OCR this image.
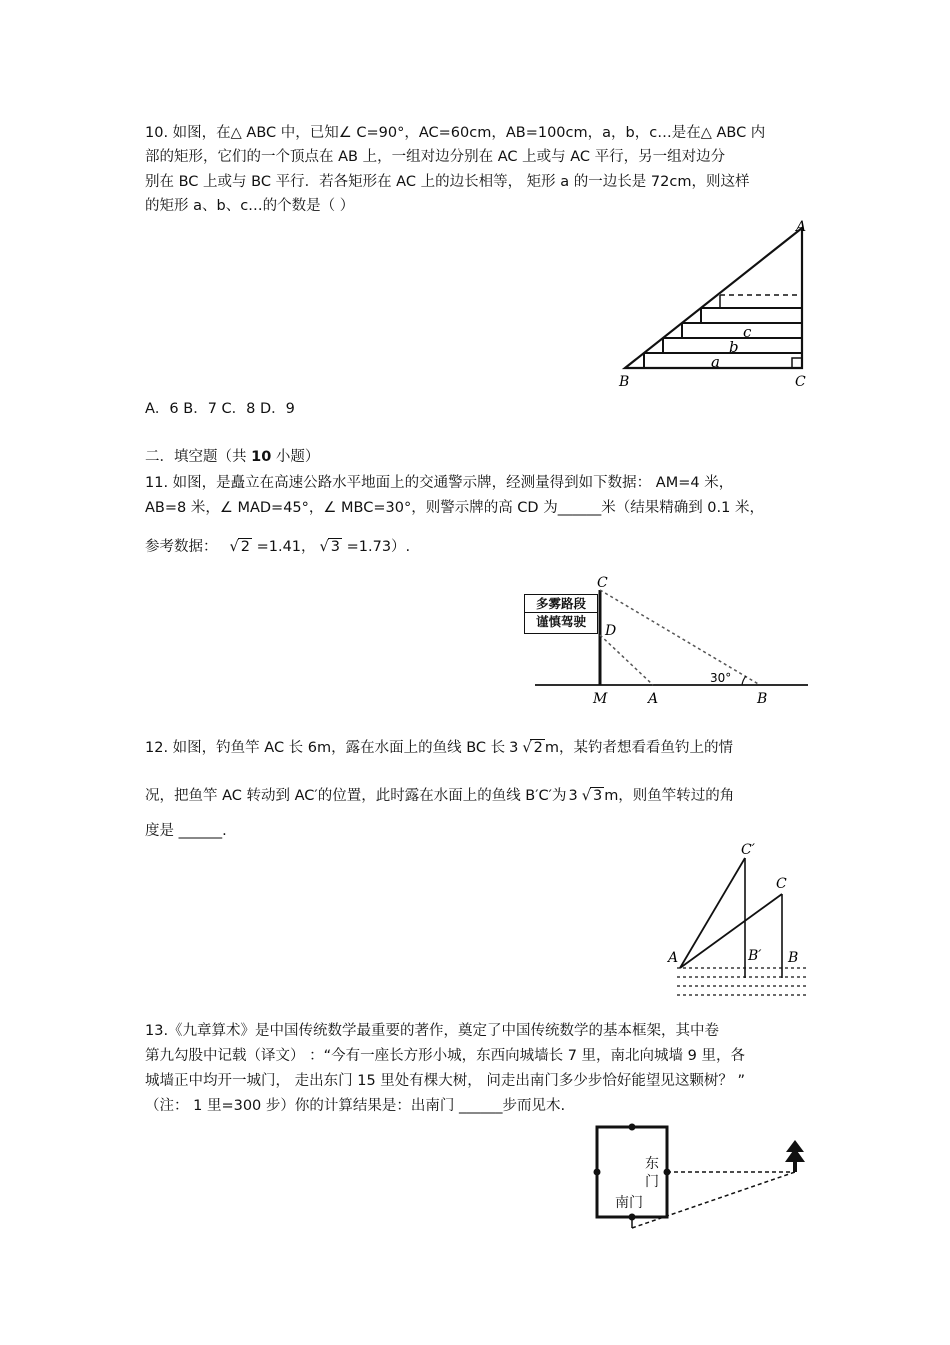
10. 如图，在△ ABC 中，已知∠ C=90°，AC=60cm，AB=100cm，a，b，c…是在△ ABC 内
部的矩形，它们的一个顶点在 AB 上，一组对边分别在 AC 上或与 AC 平行，另一组对边分
别在 BC 上或与 BC 平行．若各矩形在 AC 上的边长相等， 矩形 a 的一边长是 72cm，则这样
的矩形 a、b、c…的个数是（ ）
A
B	C
a
b
c
A．6 B．7 C．8 D．9
二．填空题（共 10 小题）
11. 如图，是矗立在高速公路水平地面上的交通警示牌，经测量得到如下数据： AM=4 米，
AB=8 米，∠ MAD=45°，∠ MBC=30°，则警示牌的高 CD 为______米（结果精确到 0.1 米，
参考数据： √ 2 =1.41， √ 3 =1.73）.
C
D
M	A	B
30°
多雾路段
谨慎驾驶
12. 如图，钓鱼竿 AC 长 6m，露在水面上的鱼线 BC 长 3 √ 2 m，某钓者想看看鱼钓上的情
况，把鱼竿 AC 转动到 AC′的位置，此时露在水面上的鱼线 B′C′为 3 √ 3 m，则鱼竿转过的角
度是 ______.
C′
C
A	B′ B
13.《九章算术》是中国传统数学最重要的著作，奠定了中国传统数学的基本框架，其中卷
第九勾股中记载（译文） ：“今有一座长方形小城，东西向城墙长 7 里，南北向城墙 9 里，各
城墙正中均开一城门， 走出东门 15 里处有棵大树， 问走出南门多少步恰好能望见这颗树？ ”
（注： 1 里=300 步）你的计算结果是：出南门 ______步而见木.
东
门
南门
